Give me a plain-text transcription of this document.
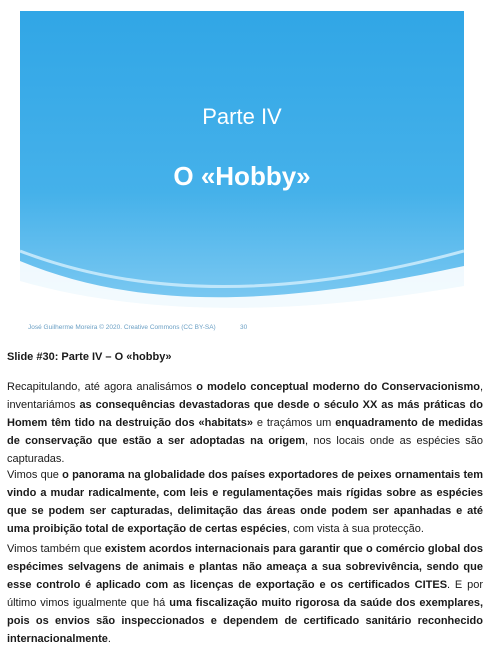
Parte IV
O «Hobby»
José Guilherme Moreira © 2020. Creative Commons (CC BY-SA)	30
Slide #30: Parte IV – O «hobby»
Recapitulando, até agora analisámos o modelo conceptual moderno do Conservacionismo, inventariámos as consequências devastadoras que desde o século XX as más práticas do Homem têm tido na destruição dos «habitats» e traçámos um enquadramento de medidas de conservação que estão a ser adoptadas na origem, nos locais onde as espécies são capturadas.
Vimos que o panorama na globalidade dos países exportadores de peixes ornamentais tem vindo a mudar radicalmente, com leis e regulamentações mais rígidas sobre as espécies que se podem ser capturadas, delimitação das áreas onde podem ser apanhadas e até uma proibição total de exportação de certas espécies, com vista à sua protecção.
Vimos também que existem acordos internacionais para garantir que o comércio global dos espécimes selvagens de animais e plantas não ameaça a sua sobrevivência, sendo que esse controlo é aplicado com as licenças de exportação e os certificados CITES. E por último vimos igualmente que há uma fiscalização muito rigorosa da saúde dos exemplares, pois os envios são inspeccionados e dependem de certificado sanitário reconhecido internacionalmente.
